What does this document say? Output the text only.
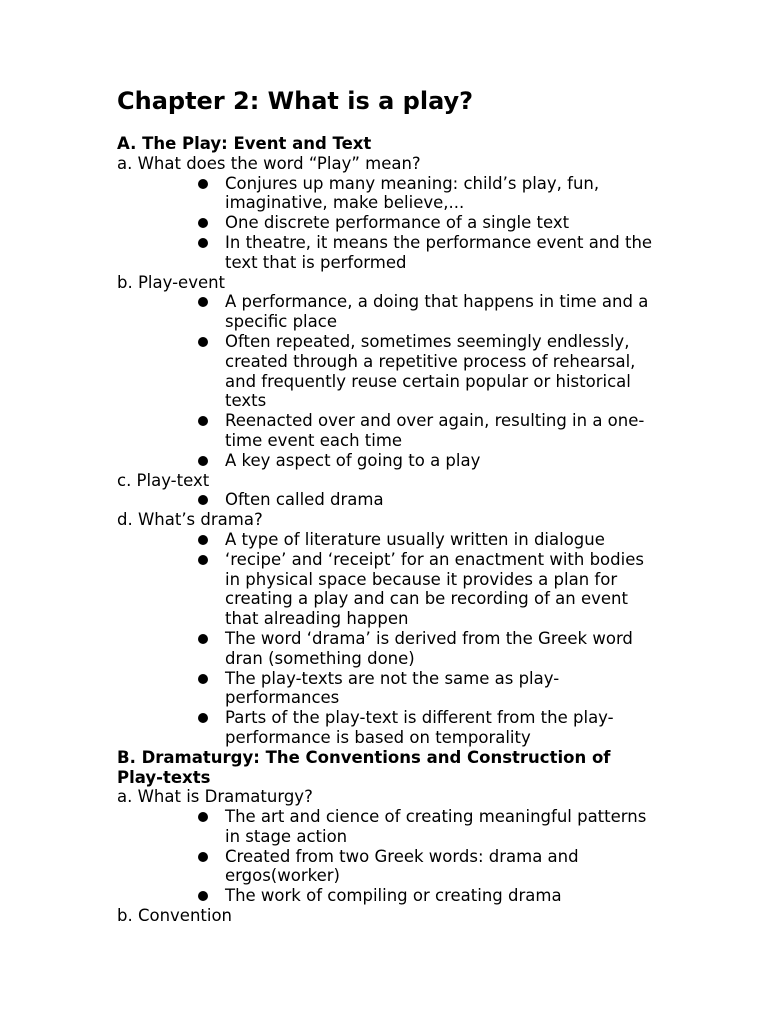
Chapter 2: What is a play?
A. The Play: Event and Text
a. What does the word “Play” mean?
Conjures up many meaning: child’s play, fun, imaginative, make believe,...
One discrete performance of a single text
In theatre, it means the performance event and the text that is performed
b. Play-event
A performance, a doing that happens in time and a specific place
Often repeated, sometimes seemingly endlessly, created through a repetitive process of rehearsal, and frequently reuse certain popular or historical texts
Reenacted over and over again, resulting in a one-time event each time
A key aspect of going to a play
c. Play-text
Often called drama
d. What’s drama?
A type of literature usually written in dialogue
‘recipe’ and ‘receipt’ for an enactment with bodies in physical space because it provides a plan for creating a play and can be recording of an event that alreading happen
The word ‘drama’ is derived from the Greek word dran (something done)
The play-texts are not the same as play-performances
Parts of the play-text is different from the play-performance is based on temporality
B. Dramaturgy: The Conventions and Construction of Play-texts
a. What is Dramaturgy?
The art and cience of creating meaningful patterns in stage action
Created from two Greek words: drama and ergos(worker)
The work of compiling or creating drama
b. Convention
